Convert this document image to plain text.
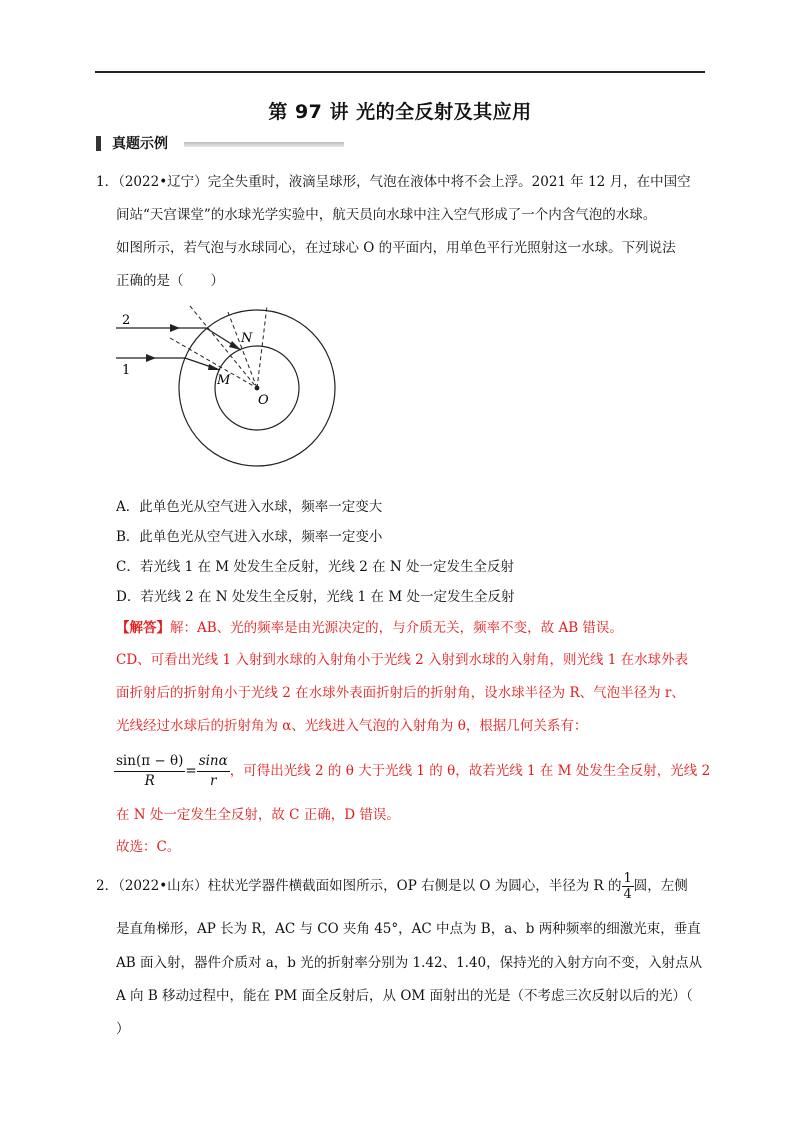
第 97 讲 光的全反射及其应用
真题示例
1．（2022•辽宁）完全失重时，液滴呈球形，气泡在液体中将不会上浮。2021 年 12 月，在中国空
间站“天宫课堂”的水球光学实验中，航天员向水球中注入空气形成了一个内含气泡的水球。
如图所示，若气泡与水球同心，在过球心 O 的平面内，用单色平行光照射这一水球。下列说法
正确的是（　　）
2
1
N
M
O
A．此单色光从空气进入水球，频率一定变大
B．此单色光从空气进入水球，频率一定变小
C．若光线 1 在 M 处发生全反射，光线 2 在 N 处一定发生全反射
D．若光线 2 在 N 处发生全反射，光线 1 在 M 处一定发生全反射
【解答】解：AB、光的频率是由光源决定的，与介质无关，频率不变，故 AB 错误。
CD、可看出光线 1 入射到水球的入射角小于光线 2 入射到水球的入射角，则光线 1 在水球外表
面折射后的折射角小于光线 2 在水球外表面折射后的折射角，设水球半径为 R、气泡半径为 r、
光线经过水球后的折射角为 α、光线进入气泡的入射角为 θ，根据几何关系有：
$\frac{\sin(\pi - \theta)}{R} = \frac{\sin\alpha}{r}$ ，可得出光线 2 的 θ 大于光线 1 的 θ，故若光线 1 在 M 处发生全反射，光线 2
在 N 处一定发生全反射，故 C 正确，D 错误。
故选：C。
2．（2022•山东）柱状光学器件横截面如图所示，OP 右侧是以 O 为圆心，半径为 R 的 $\frac{1}{4}$ 圆，左侧
是直角梯形，AP 长为 R，AC 与 CO 夹角 45°，AC 中点为 B，a、b 两种频率的细激光束，垂直
AB 面入射，器件介质对 a，b 光的折射率分别为 1.42、1.40，保持光的入射方向不变，入射点从
A 向 B 移动过程中，能在 PM 面全反射后，从 OM 面射出的光是（不考虑三次反射以后的光）（
）
